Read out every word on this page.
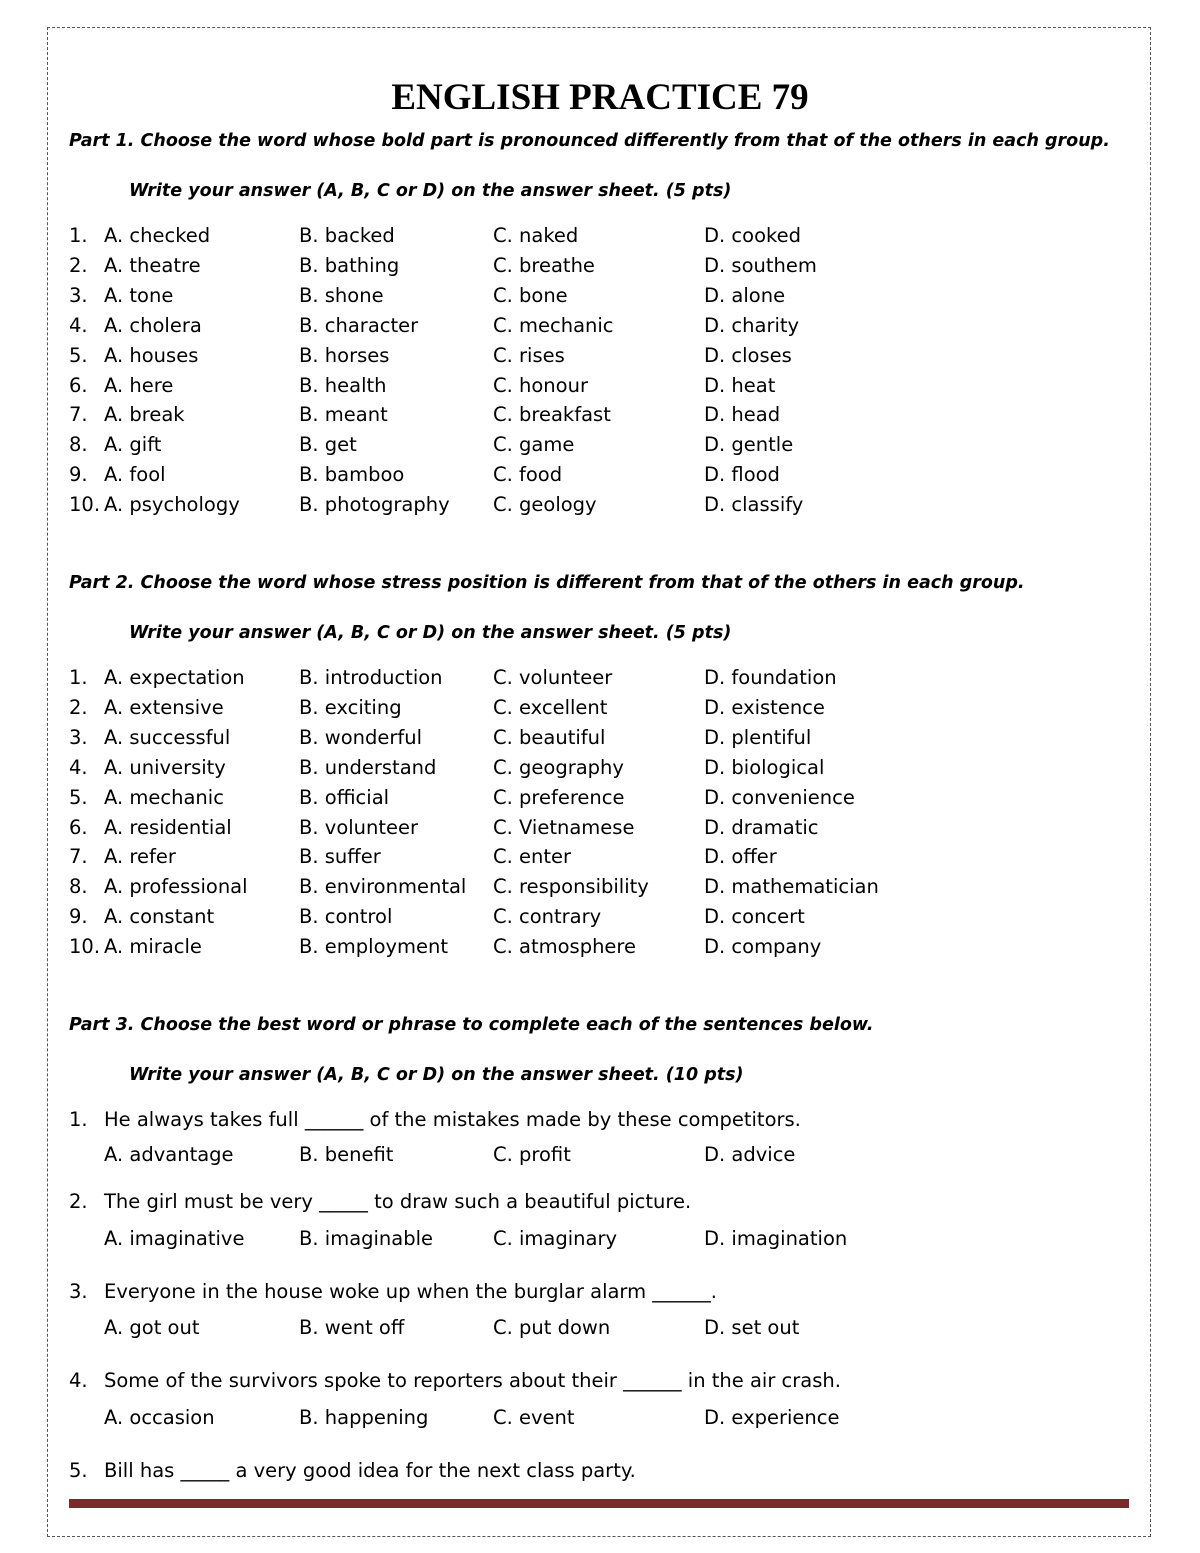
ENGLISH PRACTICE 79
Part 1. Choose the word whose bold part is pronounced differently from that of the others in each group.
Write your answer (A, B, C or D) on the answer sheet. (5 pts)
1. A. checked	B. backed	C. naked	D. cooked
2. A. theatre	B. bathing	C. breathe	D. southem
3. A. tone	B. shone	C. bone	D. alone
4. A. cholera	B. character	C. mechanic	D. charity
5. A. houses	B. horses	C. rises	D. closes
6. A. here	B. health	C. honour	D. heat
7. A. break	B. meant	C. breakfast	D. head
8. A. gift	B. get	C. game	D. gentle
9. A. fool	B. bamboo	C. food	D. flood
10. A. psychology	B. photography C. geology	D. classify
Part 2. Choose the word whose stress position is different from that of the others in each group.
Write your answer (A, B, C or D) on the answer sheet. (5 pts)
1. A. expectation	B. introduction	C. volunteer	D. foundation
2. A. extensive	B. exciting	C. excellent	D. existence
3. A. successful	B. wonderful	C. beautiful	D. plentiful
4. A. university	B. understand	C. geography	D. biological
5. A. mechanic	B. official	C. preference	D. convenience
6. A. residential	B. volunteer	C. Vietnamese	D. dramatic
7. A. refer	B. suffer	C. enter	D. offer
8. A. professional	B. environmental C. responsibility	D. mathematician
9. A. constant	B. control	C. contrary	D. concert
10. A. miracle	B. employment C. atmosphere	D. company
Part 3. Choose the best word or phrase to complete each of the sentences below.
Write your answer (A, B, C or D) on the answer sheet. (10 pts)
1. He always takes full ______ of the mistakes made by these competitors.
A. advantage	B. benefit	C. profit	D. advice
2. The girl must be very _____ to draw such a beautiful picture.
A. imaginative	B. imaginable	C. imaginary	D. imagination
3. Everyone in the house woke up when the burglar alarm ______.
A. got out	B. went off	C. put down	D. set out
4. Some of the survivors spoke to reporters about their ______ in the air crash.
A. occasion	B. happening	C. event	D. experience
5. Bill has _____ a very good idea for the next class party.
